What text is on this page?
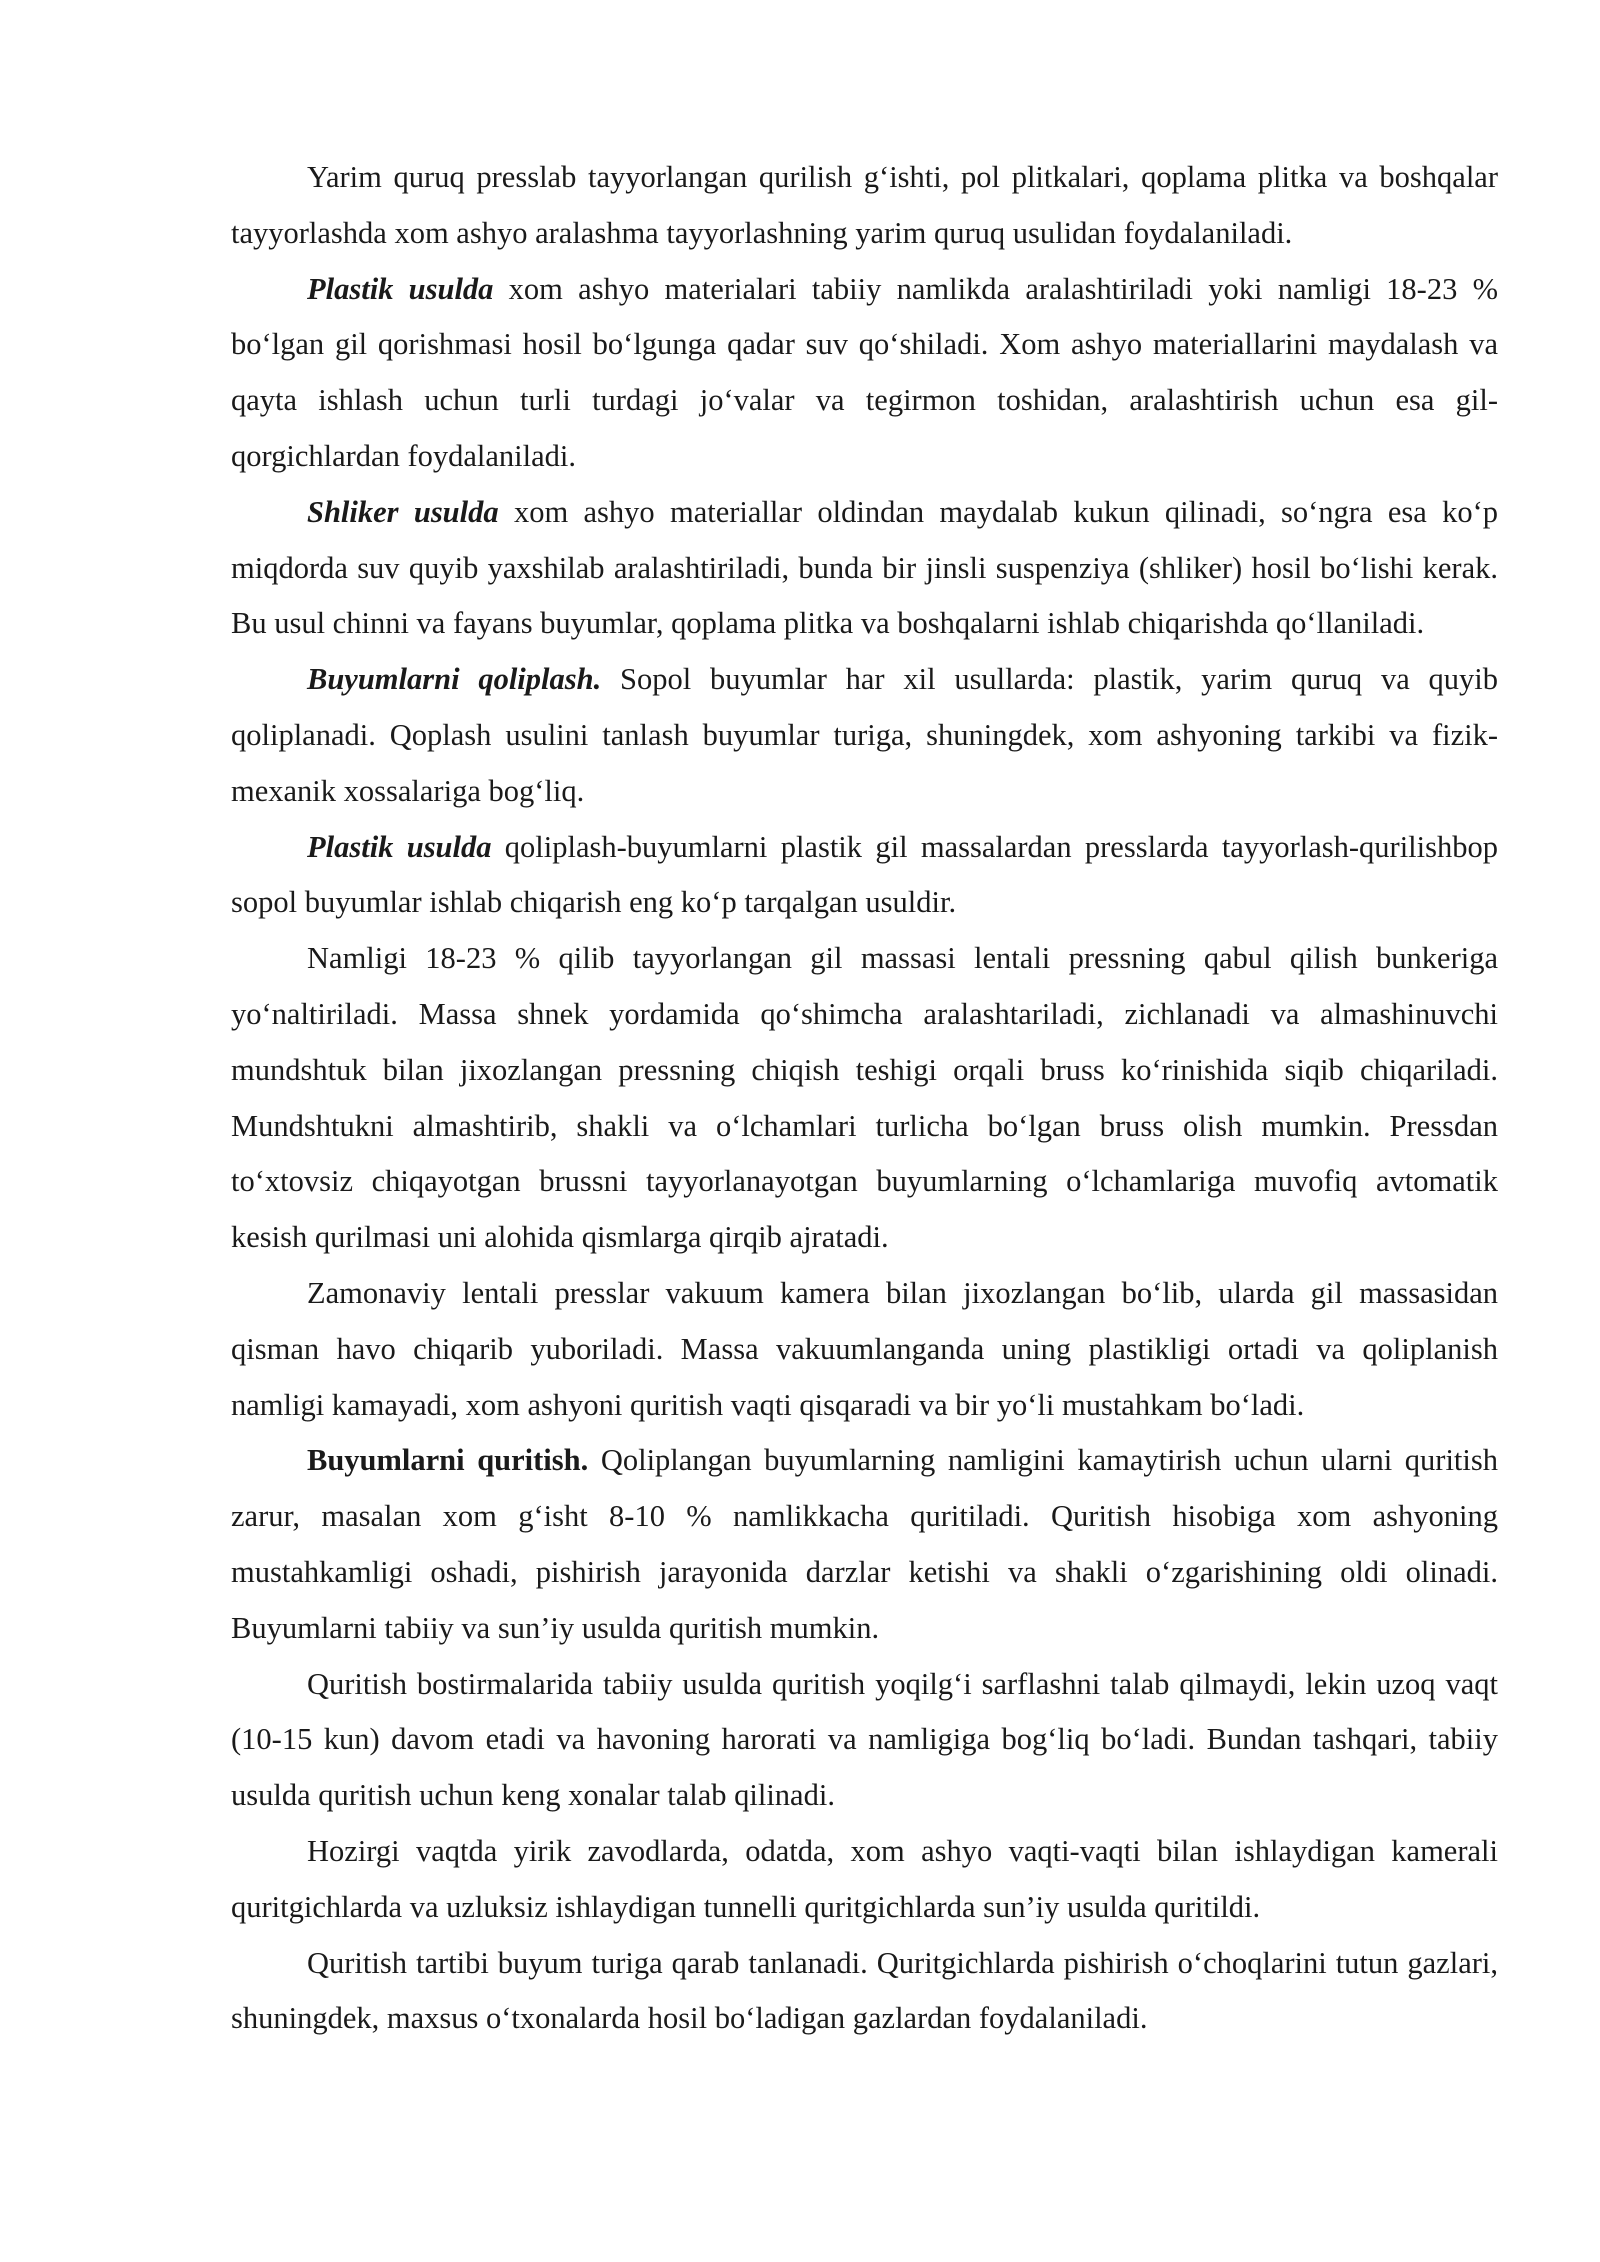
Yarim quruq presslab tayyorlangan qurilish g‘ishti, pol plitkalari, qoplama plitka va boshqalar tayyorlashda xom ashyo aralashma tayyorlashning yarim quruq usulidan foydalaniladi.

Plastik usulda xom ashyo materialari tabiiy namlikda aralashtiriladi yoki namligi 18-23 % bo‘lgan gil qorishmasi hosil bo‘lgunga qadar suv qo‘shiladi. Xom ashyo materiallarini maydalash va qayta ishlash uchun turli turdagi jo‘valar va tegirmon toshidan, aralashtirish uchun esa gil-qorgichlardan foydalaniladi.

Shliker usulda xom ashyo materiallar oldindan maydalab kukun qilinadi, so‘ngra esa ko‘p miqdorda suv quyib yaxshilab aralashtiriladi, bunda bir jinsli suspenziya (shliker) hosil bo‘lishi kerak. Bu usul chinni va fayans buyumlar, qoplama plitka va boshqalarni ishlab chiqarishda qo‘llaniladi.

Buyumlarni qoliplash. Sopol buyumlar har xil usullarda: plastik, yarim quruq va quyib qoliplanadi. Qoplash usulini tanlash buyumlar turiga, shuningdek, xom ashyoning tarkibi va fizik-mexanik xossalariga bog‘liq.

Plastik usulda qoliplash-buyumlarni plastik gil massalardan presslarda tayyorlash-qurilishbop sopol buyumlar ishlab chiqarish eng ko‘p tarqalgan usuldir.

Namligi 18-23 % qilib tayyorlangan gil massasi lentali pressning qabul qilish bunkeriga yo‘naltiriladi. Massa shnek yordamida qo‘shimcha aralashtariladi, zichlanadi va almashinuvchi mundshtuk bilan jixozlangan pressning chiqish teshigi orqali bruss ko‘rinishida siqib chiqariladi. Mundshtukni almashtirib, shakli va o‘lchamlari turlicha bo‘lgan bruss olish mumkin. Pressdan to‘xtovsiz chiqayotgan brussni tayyorlanayotgan buyumlarning o‘lchamlariga muvofiq avtomatik kesish qurilmasi uni alohida qismlarga qirqib ajratadi.

Zamonaviy lentali presslar vakuum kamera bilan jixozlangan bo‘lib, ularda gil massasidan qisman havo chiqarib yuboriladi. Massa vakuumlanganda uning plastikligi ortadi va qoliplanish namligi kamayadi, xom ashyoni quritish vaqti qisqaradi va bir yo‘li mustahkam bo‘ladi.

Buyumlarni quritish. Qoliplangan buyumlarning namligini kamaytirish uchun ularni quritish zarur, masalan xom g‘isht 8-10 % namlikkacha quritiladi. Quritish hisobiga xom ashyoning mustahkamligi oshadi, pishirish jarayonida darzlar ketishi va shakli o‘zgarishining oldi olinadi. Buyumlarni tabiiy va sun’iy usulda quritish mumkin.

Quritish bostirmalarida tabiiy usulda quritish yoqilg‘i sarflashni talab qilmaydi, lekin uzoq vaqt (10-15 kun) davom etadi va havoning harorati va namligiga bog‘liq bo‘ladi. Bundan tashqari, tabiiy usulda quritish uchun keng xonalar talab qilinadi.

Hozirgi vaqtda yirik zavodlarda, odatda, xom ashyo vaqti-vaqti bilan ishlaydigan kamerali quritgichlarda va uzluksiz ishlaydigan tunnelli quritgichlarda sun’iy usulda quritildi.

Quritish tartibi buyum turiga qarab tanlanadi. Quritgichlarda pishirish o‘choqlarini tutun gazlari, shuningdek, maxsus o‘txonalarda hosil bo‘ladigan gazlardan foydalaniladi.
